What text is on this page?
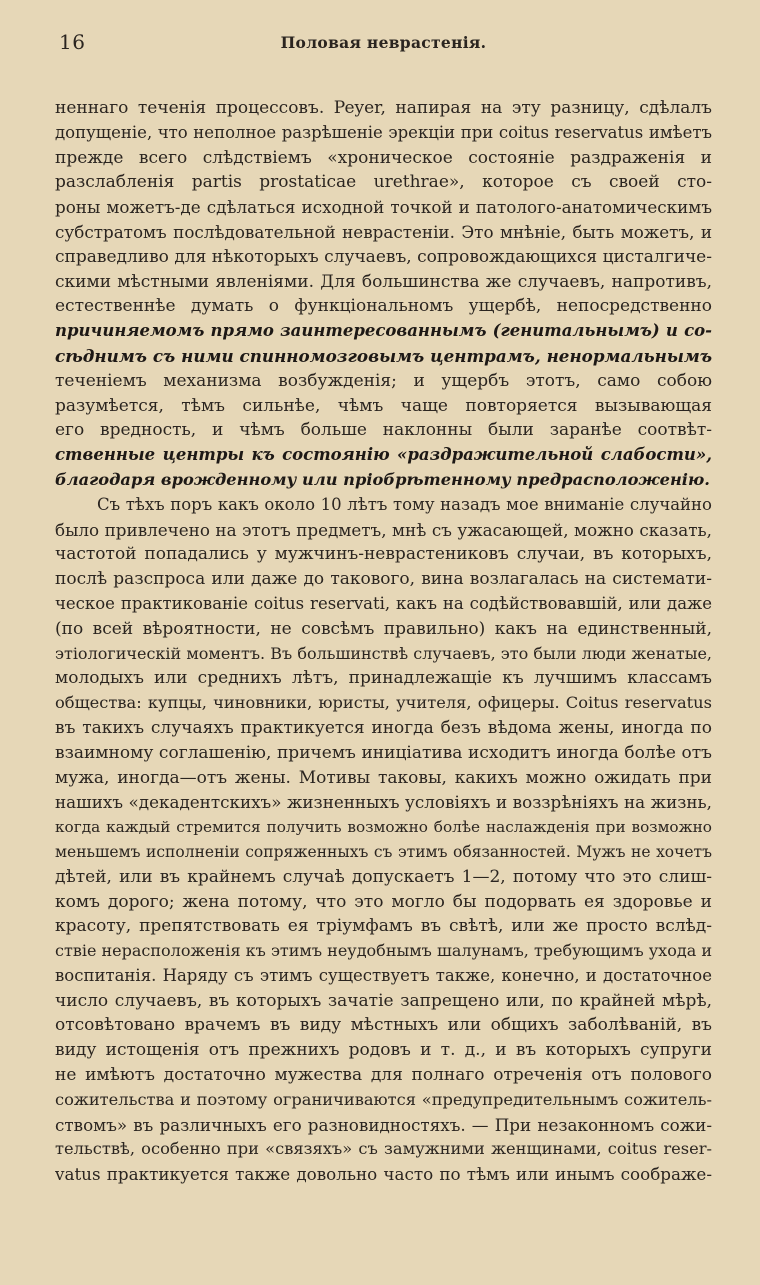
16	Половая неврастенія.
неннаго теченія процессовъ. Peyer, напирая на эту разницу, сдѣлалъ
допущеніе, что неполное разрѣшеніе эрекціи при coitus reservatus имѣетъ
прежде всего слѣдствіемъ «хроническое состояніе раздраженія и
разслабленія partis prostaticae urethrae», которое съ своей сто-
роны можетъ-де сдѣлаться исходной точкой и патолого-анатомическимъ
субстратомъ послѣдовательной неврастеніи. Это мнѣніе, быть можетъ, и
справедливо для нѣкоторыхъ случаевъ, сопровождающихся цисталгиче-
скими мѣстными явленіями. Для большинства же случаевъ, напротивъ,
естественнѣе думать о функціональномъ ущербѣ, непосредственно
причиняемомъ прямо заинтересованнымъ (генитальнымъ) и со-
сѣднимъ съ ними спинномозговымъ центрамъ, ненормальнымъ
теченіемъ механизма возбужденія; и ущербъ этотъ, само собою
разумѣется, тѣмъ сильнѣе, чѣмъ чаще повторяется вызывающая
его вредность, и чѣмъ больше наклонны были заранѣе соотвѣт-
ственные центры къ состоянію «раздражительной слабости»,
благодаря врожденному или пріобрѣтенному предрасположенію.
Съ тѣхъ поръ какъ около 10 лѣтъ тому назадъ мое вниманіе случайно
было привлечено на этотъ предметъ, мнѣ съ ужасающей, можно сказать,
частотой попадались у мужчинъ-неврастениковъ случаи, въ которыхъ,
послѣ разспроса или даже до такового, вина возлагалась на системати-
ческое практикованіе coitus reservati, какъ на содѣйствовавшій, или даже
(по всей вѣроятности, не совсѣмъ правильно) какъ на единственный,
этіологическій моментъ. Въ большинствѣ случаевъ, это были люди женатые,
молодыхъ или среднихъ лѣтъ, принадлежащіе къ лучшимъ классамъ
общества: купцы, чиновники, юристы, учителя, офицеры. Coitus reservatus
въ такихъ случаяхъ практикуется иногда безъ вѣдома жены, иногда по
взаимному соглашенію, причемъ иниціатива исходитъ иногда болѣе отъ
мужа, иногда—отъ жены. Мотивы таковы, какихъ можно ожидать при
нашихъ «декадентскихъ» жизненныхъ условіяхъ и воззрѣніяхъ на жизнь,
когда каждый стремится получить возможно болѣе наслажденія при возможно
меньшемъ исполненіи сопряженныхъ съ этимъ обязанностей. Мужъ не хочетъ
дѣтей, или въ крайнемъ случаѣ допускаетъ 1—2, потому что это слиш-
комъ дорого; жена потому, что это могло бы подорвать ея здоровье и
красоту, препятствовать ея тріумфамъ въ свѣтѣ, или же просто вслѣд-
ствіе нерасположенія къ этимъ неудобнымъ шалунамъ, требующимъ ухода и
воспитанія. Наряду съ этимъ существуетъ также, конечно, и достаточное
число случаевъ, въ которыхъ зачатіе запрещено или, по крайней мѣрѣ,
отсовѣтовано врачемъ въ виду мѣстныхъ или общихъ заболѣваній, въ
виду истощенія отъ прежнихъ родовъ и т. д., и въ которыхъ супруги
не имѣютъ достаточно мужества для полнаго отреченія отъ полового
сожительства и поэтому ограничиваются «предупредительнымъ сожитель-
ствомъ» въ различныхъ его разновидностяхъ. — При незаконномъ сожи-
тельствѣ, особенно при «связяхъ» съ замужними женщинами, coitus reser-
vatus практикуется также довольно часто по тѣмъ или инымъ соображе-
